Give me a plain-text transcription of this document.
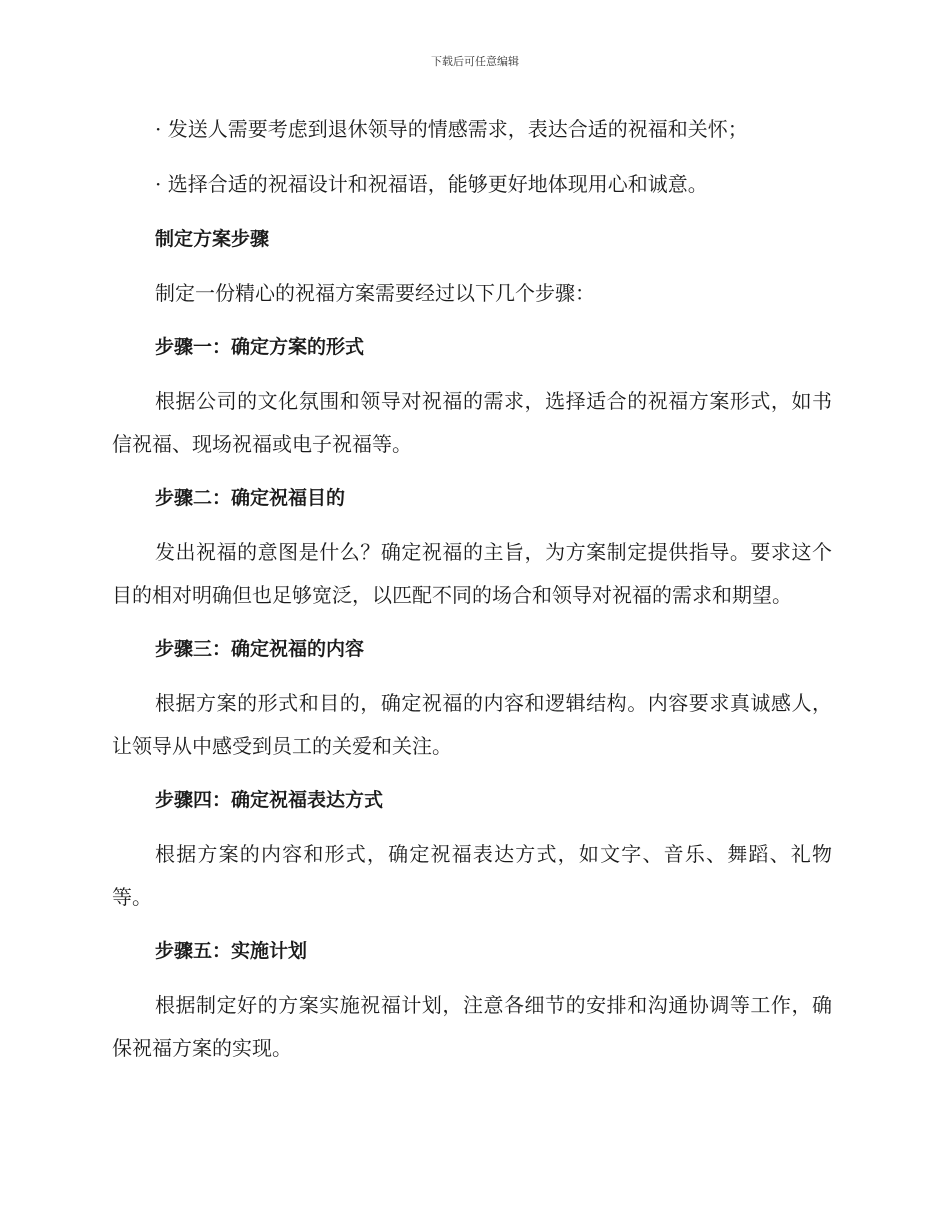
下载后可任意编辑

· 发送人需要考虑到退休领导的情感需求，表达合适的祝福和关怀；

· 选择合适的祝福设计和祝福语，能够更好地体现用心和诚意。

制定方案步骤

制定一份精心的祝福方案需要经过以下几个步骤：

步骤一：确定方案的形式

根据公司的文化氛围和领导对祝福的需求，选择适合的祝福方案形式，如书信祝福、现场祝福或电子祝福等。

步骤二：确定祝福目的

发出祝福的意图是什么？确定祝福的主旨，为方案制定提供指导。要求这个目的相对明确但也足够宽泛，以匹配不同的场合和领导对祝福的需求和期望。

步骤三：确定祝福的内容

根据方案的形式和目的，确定祝福的内容和逻辑结构。内容要求真诚感人，让领导从中感受到员工的关爱和关注。

步骤四：确定祝福表达方式

根据方案的内容和形式，确定祝福表达方式，如文字、音乐、舞蹈、礼物等。

步骤五：实施计划

根据制定好的方案实施祝福计划，注意各细节的安排和沟通协调等工作，确保祝福方案的实现。
